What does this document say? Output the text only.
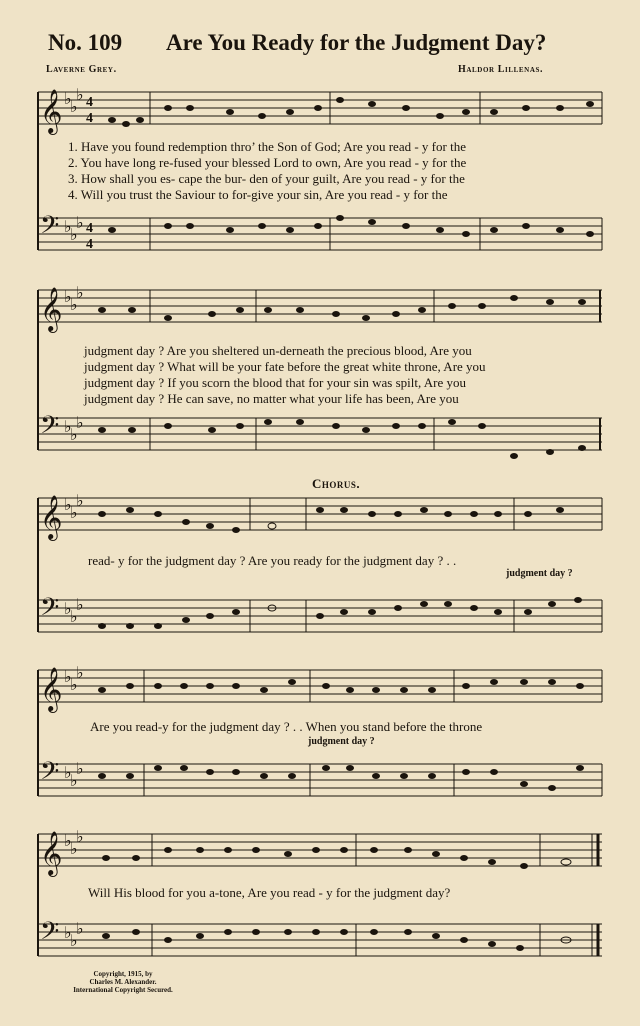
No. 109 Are You Ready for the Judgment Day?
Laverne Grey.	Haldor Lillenas.
𝄞
𝄢
♭
♭
♭
♭
♭
♭
4
4
4
4
1. Have you found redemption thro’ the Son of God; Are you read - y for the
2. You have long re-fused your blessed Lord to own, Are you read - y for the
3. How shall you es- cape the bur- den of your guilt, Are you read - y for the
4. Will you trust the Saviour to for-give your sin, Are you read - y for the
𝄞
𝄢
♭
♭
♭
♭
♭
♭
judgment day ? Are you sheltered un-derneath the precious blood, Are you
judgment day ? What will be your fate before the great white throne, Are you
judgment day ? If you scorn the blood that for your sin was spilt, Are you
judgment day ? He can save, no matter what your life has been, Are you
Chorus.
𝄞
𝄢
♭
♭
♭
♭
♭
♭
read- y for the judgment day ? Are you ready for the judgment day ? . .
judgment day ?
𝄞
𝄢
♭
♭
♭
♭
♭
♭
Are you read-y for the judgment day ? . . When you stand before the throne
judgment day ?
𝄞
𝄢
♭
♭
♭
♭
♭
♭
Will His blood for you a-tone, Are you read - y for the judgment day?
Copyright, 1915, by
Charles M. Alexander.
International Copyright Secured.
